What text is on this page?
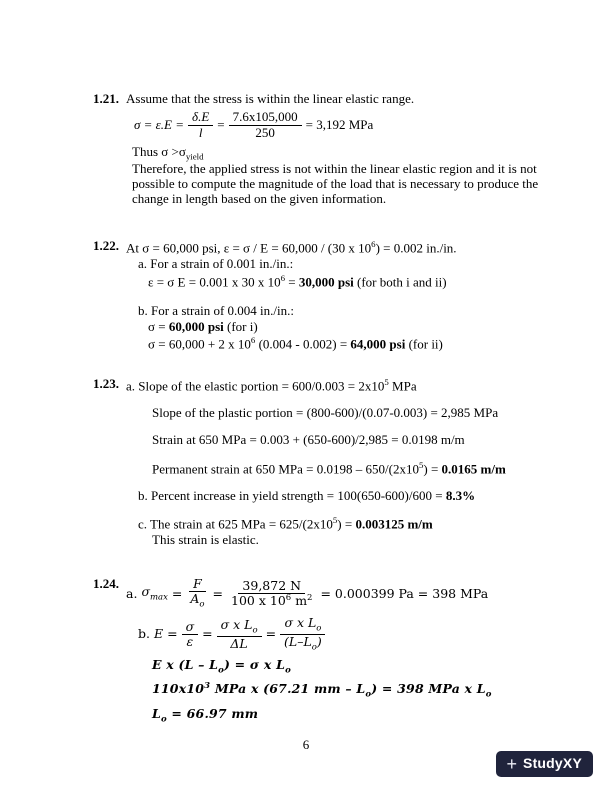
1.21. Assume that the stress is within the linear elastic range.
$\sigma = \varepsilon.E = \frac{\delta.E}{l} = \frac{7.6x105,000}{250} = 3,192$ MPa
Thus $\sigma >\sigma_{yield}$
Therefore, the applied stress is not within the linear elastic region and it is not possible to compute the magnitude of the load that is necessary to produce the change in length based on the given information.
1.22. At σ = 60,000 psi, ε = σ / E = 60,000 / (30 x $10^6) = 0.002$ in./in.
a. For a strain of 0.001 in./in.:
ε = σ E = 0.001 x 30 x $10^6 = 30,000$ psi (for both i and ii)
b. For a strain of 0.004 in./in.:
σ = 60,000 psi (for i)
σ = 60,000 + 2 x $10^6$ (0.004 - 0.002) = 64,000 psi (for ii)
1.23. a. Slope of the elastic portion = $600/0.003 = 2x10^5$ MPa
Slope of the plastic portion = (800-600)/(0.07-0.003) = 2,985 MPa
Strain at 650 MPa = 0.003 + (650-600)/2,985 = 0.0198 m/m
Permanent strain at 650 MPa = $0.0198 - 650/(2x10^5) = 0.0165$ m/m
b. Percent increase in yield strength = 100(650-600)/600 = 8.3%
c. The strain at 625 MPa = $625/(2x10^5) = 0.003125$ m/m
This strain is elastic.
1.24.
a. $\sigma_{max} = \frac{F}{A_o} = \frac{39,872 N}{100 x 10^6 m^2} = 0.000399$ Pa = 398 MPa
b. $E = \frac{\sigma}{\varepsilon} = \frac{\sigma x L_o}{\Delta L} = \frac{\sigma x L_o}{(L-L_o)}$
E x $(L - L_o) = \sigma$ x $L_o$
$110x10^3$ MPa x (67.21 mm – $L_o) = 398$ MPa x $L_o$
$L_o = 66.97$ mm
6
+ StudyXY
